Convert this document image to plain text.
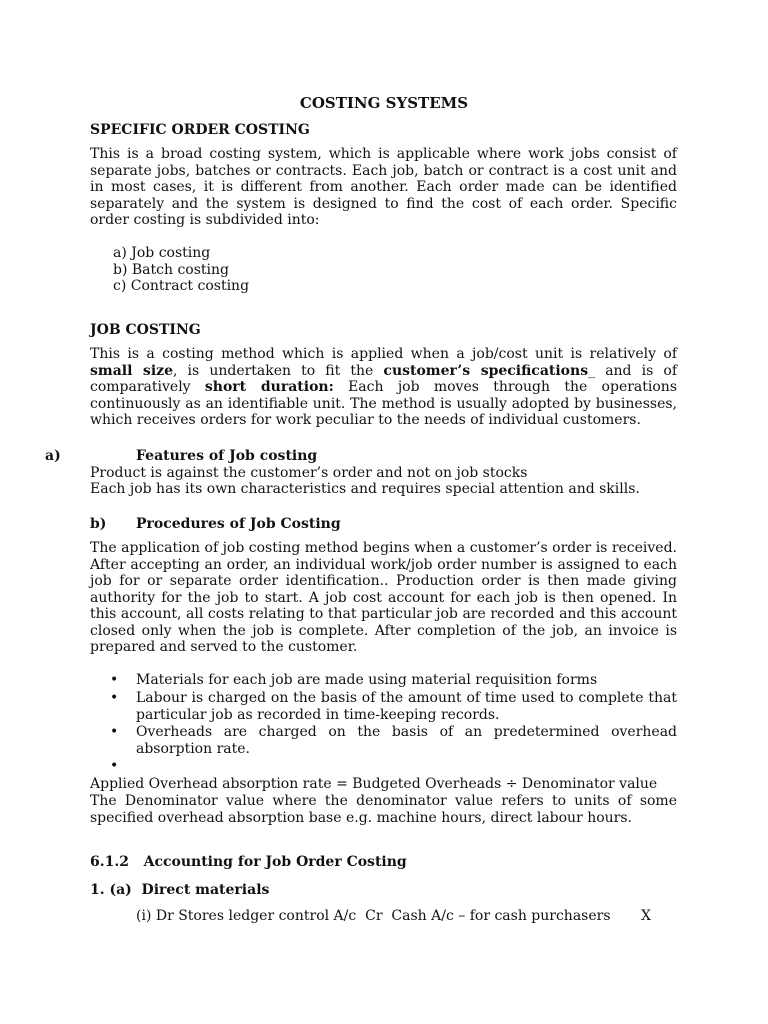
COSTING SYSTEMS
SPECIFIC ORDER COSTING
This is a broad costing system, which is applicable where work jobs consist of separate jobs, batches or contracts. Each job, batch or contract is a cost unit and in most cases, it is different from another. Each order made can be identified separately and the system is designed to find the cost of each order. Specific order costing is subdivided into:
a) Job costing
b) Batch costing
c) Contract costing
JOB COSTING
This is a costing method which is applied when a job/cost unit is relatively of small size, is undertaken to fit the customer’s specifications_ and is of comparatively short duration: Each job moves through the operations continuously as an identifiable unit. The method is usually adopted by businesses, which receives orders for work peculiar to the needs of individual customers.
a)	Features of Job costing
Product is against the customer’s order and not on job stocks
Each job has its own characteristics and requires special attention and skills.
b) Procedures of Job Costing
The application of job costing method begins when a customer’s order is received. After accepting an order, an individual work/job order number is assigned to each job for or separate order identification.. Production order is then made giving authority for the job to start. A job cost account for each job is then opened. In this account, all costs relating to that particular job are recorded and this account closed only when the job is complete. After completion of the job, an invoice is prepared and served to the customer.
• Materials for each job are made using material requisition forms
• Labour is charged on the basis of the amount of time used to complete that particular job as recorded in time-keeping records.
• Overheads are charged on the basis of an predetermined overhead absorption rate.
•
Applied Overhead absorption rate = Budgeted Overheads ÷ Denominator value
The Denominator value where the denominator value refers to units of some specified overhead absorption base e.g. machine hours, direct labour hours.
6.1.2   Accounting for Job Order Costing
1. (a)  Direct materials
(i) Dr Stores ledger control A/c  Cr  Cash A/c – for cash purchasers X
